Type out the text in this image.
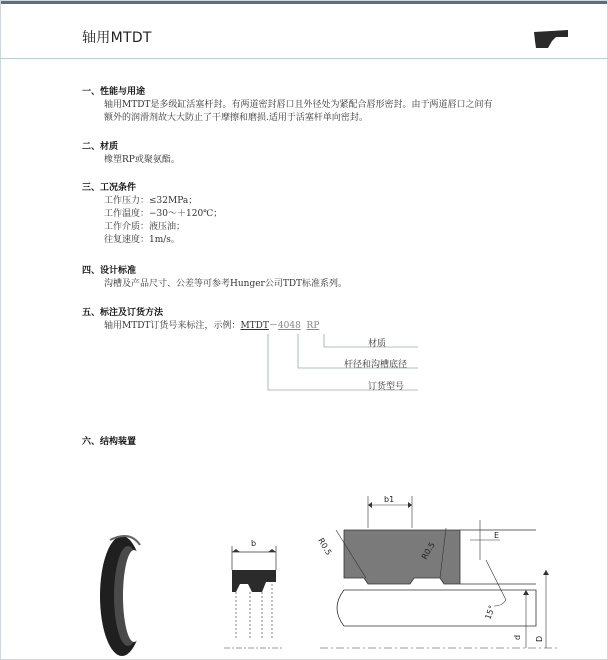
轴用MTDT
一、性能与用途
轴用MTDT是多级缸活塞杆封。有两道密封唇口且外径处为紧配合唇形密封。由于两道唇口之间有
额外的润滑剂故大大防止了干摩擦和磨损.适用于活塞杆单向密封。
二、材质
橡塑RP或聚氨酯。
三、工况条件
工作压力：≤32MPa；
工作温度：−30～＋120℃；
工作介质：液压油；
往复速度：1m/s。
四、设计标准
沟槽及产品尺寸、公差等可参考Hunger公司TDT标准系列。
五、标注及订货方法
轴用MTDT订货号来标注，示例：MTDT－4048 RP
材质
杆径和沟槽底径
订货型号
六、结构装置
b
b1
R0.5	R0.5
E
15°
d D
